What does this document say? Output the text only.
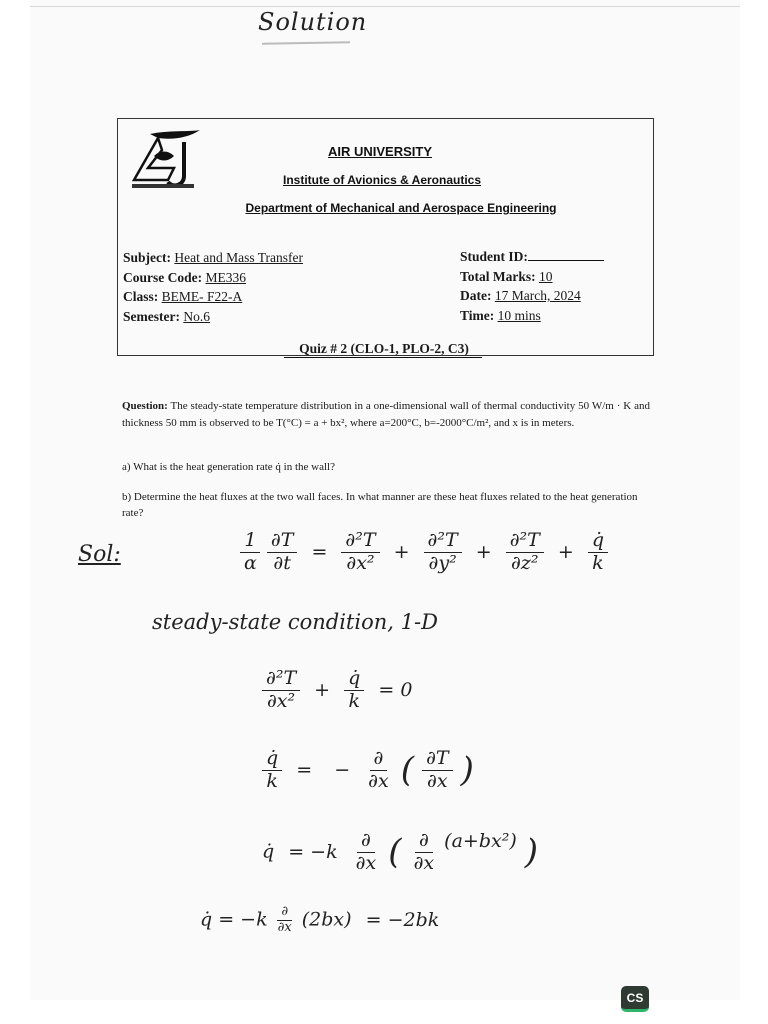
Solution
AIR UNIVERSITY
Institute of Avionics & Aeronautics
Department of Mechanical and Aerospace Engineering
Subject: Heat and Mass Transfer
Course Code: ME336
Class: BEME- F22-A
Semester: No.6
Student ID:
Total Marks: 10
Date: 17 March, 2024
Time: 10 mins
Quiz # 2 (CLO-1, PLO-2, C3)
Question: The steady-state temperature distribution in a one-dimensional wall of thermal conductivity 50 W/m · K and thickness 50 mm is observed to be T(°C) = a + bx², where a=200°C, b=-2000°C/m², and x is in meters.
a) What is the heat generation rate q̇ in the wall?
b) Determine the heat fluxes at the two wall faces. In what manner are these heat fluxes related to the heat generation rate?
Sol:	$\frac{1}{\alpha}$
$\frac{\partial T}{\partial t} = \frac{\text{∂²T}}{\text{∂x²}} + \frac{\text{∂²T}}{\text{∂y²}} + \frac{\text{∂²T}}{\text{∂z²}} + \frac{q̇}{k}$
steady-state condition, 1-D
$\frac{\text{∂²T}}{\text{∂x²}} + \frac{q̇}{k} = 0$
$\frac{q̇}{k}$ = − $\frac{\partial}{\partial x}$ ( $\frac{\partial T}{\partial x}$ )
q̇ = $-k \frac{\partial}{\partial x}$ ( $\frac{\partial}{\partial x} (a+bx^2)$ )
q̇ = $-k \frac{\partial}{\partial x} (2bx) = -2bk$
CS
